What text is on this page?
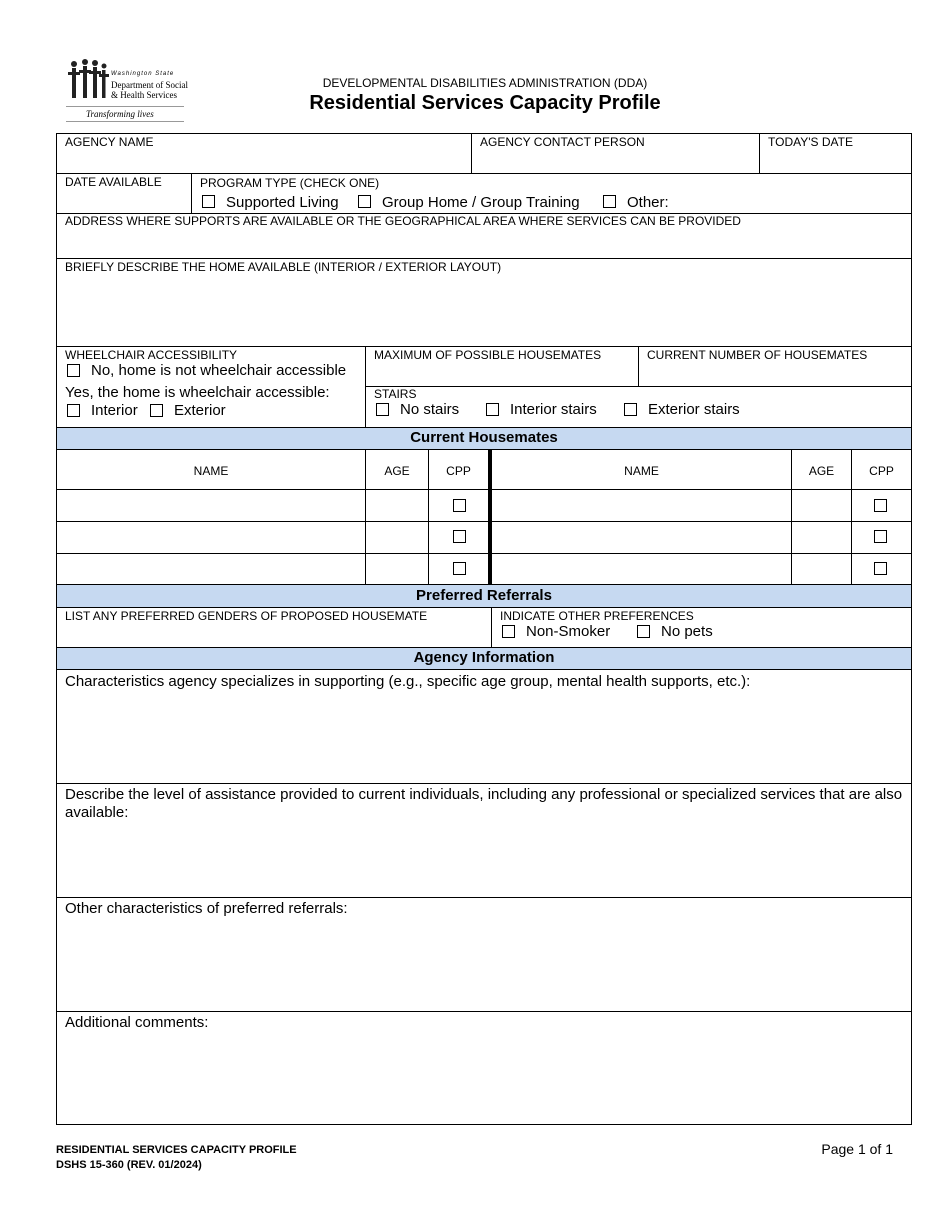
Washington State
Department of Social
& Health Services
Transforming lives
DEVELOPMENTAL DISABILITIES ADMINISTRATION (DDA)
Residential Services Capacity Profile
Current Housemates
Preferred Referrals
Agency Information
AGENCY NAME	AGENCY CONTACT PERSON	TODAY'S DATE
DATE AVAILABLE	PROGRAM TYPE (CHECK ONE)
Supported Living	Group Home / Group Training	Other:
ADDRESS WHERE SUPPORTS ARE AVAILABLE OR THE GEOGRAPHICAL AREA WHERE SERVICES CAN BE PROVIDED
BRIEFLY DESCRIBE THE HOME AVAILABLE (INTERIOR / EXTERIOR LAYOUT)
WHEELCHAIR ACCESSIBILITY
No, home is not wheelchair accessible
Yes, the home is wheelchair accessible:
Interior Exterior
MAXIMUM OF POSSIBLE HOUSEMATES	CURRENT NUMBER OF HOUSEMATES
STAIRS
No stairs	Interior stairs	Exterior stairs
NAME	AGE	CPP	NAME	AGE	CPP
LIST ANY PREFERRED GENDERS OF PROPOSED HOUSEMATE	INDICATE OTHER PREFERENCES
Non-Smoker	No pets
Characteristics agency specializes in supporting (e.g., specific age group, mental health supports, etc.):
Describe the level of assistance provided to current individuals, including any professional or specialized services that are also available:
Other characteristics of preferred referrals:
Additional comments:
RESIDENTIAL SERVICES CAPACITY PROFILE
DSHS 15-360 (REV. 01/2024)
Page 1 of 1
